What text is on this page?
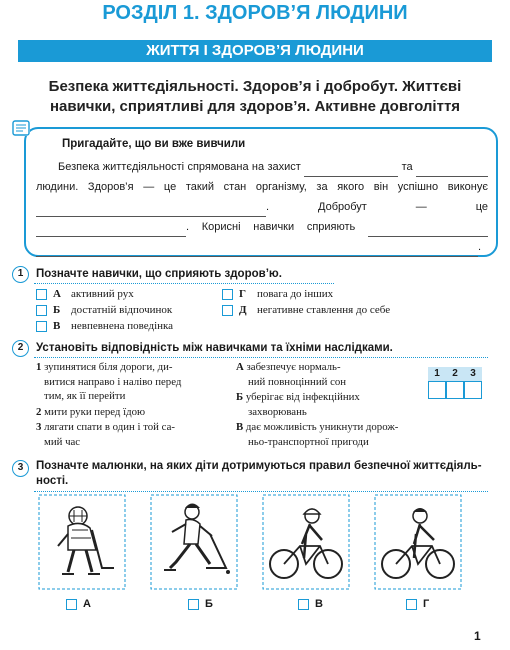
РОЗДІЛ 1. ЗДОРОВ’Я ЛЮДИНИ
ЖИТТЯ І ЗДОРОВ’Я ЛЮДИНИ
Безпека життєдіяльності. Здоров’я і добробут. Життєві
навички, сприятливі для здоров’я. Активне довголіття
Пригадайте, що ви вже вивчили
Безпека життєдіяльності спрямована на захист	та  людини. Здоров’я — це такий стан організму, за якого він успішно виконує . Добробут — це . Корисні навички сприяють  .
1	Позначте навички, що сприяють здоров’ю.
А активний рух
Б достатній відпочинок
В невпевнена поведінка
Г повага до інших
Д негативне ставлення до себе
2	Установіть відповідність між навичками та їхніми наслідками.
1 зупинятися біля дороги, ди-
витися направо і наліво перед
тим, як її перейти
2 мити руки перед їдою
3 лягати спати в один і той са-
мий час
А забезпечує нормаль-
ний повноцінний сон
Б уберігає від інфекційних
захворювань
В дає можливість уникнути дорож-
ньо-транспортної пригоди
1	2	3
3	Позначте малюнки, на яких діти дотримуються правил безпечної життєдіяль-
ності.
А	Б	В	Г
1
